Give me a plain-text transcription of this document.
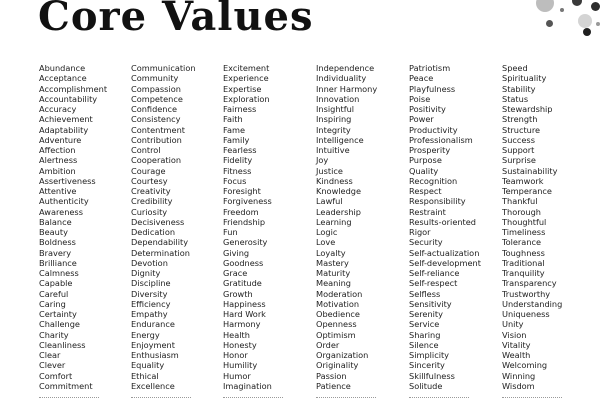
Core Values
Abundance
Acceptance
Accomplishment
Accountability
Accuracy
Achievement
Adaptability
Adventure
Affection
Alertness
Ambition
Assertiveness
Attentive
Authenticity
Awareness
Balance
Beauty
Boldness
Bravery
Brilliance
Calmness
Capable
Careful
Caring
Certainty
Challenge
Charity
Cleanliness
Clear
Clever
Comfort
Commitment
Communication
Community
Compassion
Competence
Confidence
Consistency
Contentment
Contribution
Control
Cooperation
Courage
Courtesy
Creativity
Credibility
Curiosity
Decisiveness
Dedication
Dependability
Determination
Devotion
Dignity
Discipline
Diversity
Efficiency
Empathy
Endurance
Energy
Enjoyment
Enthusiasm
Equality
Ethical
Excellence
Excitement
Experience
Expertise
Exploration
Fairness
Faith
Fame
Family
Fearless
Fidelity
Fitness
Focus
Foresight
Forgiveness
Freedom
Friendship
Fun
Generosity
Giving
Goodness
Grace
Gratitude
Growth
Happiness
Hard Work
Harmony
Health
Honesty
Honor
Humility
Humor
Imagination
Independence
Individuality
Inner Harmony
Innovation
Insightful
Inspiring
Integrity
Intelligence
Intuitive
Joy
Justice
Kindness
Knowledge
Lawful
Leadership
Learning
Logic
Love
Loyalty
Mastery
Maturity
Meaning
Moderation
Motivation
Obedience
Openness
Optimism
Order
Organization
Originality
Passion
Patience
Patriotism
Peace
Playfulness
Poise
Positivity
Power
Productivity
Professionalism
Prosperity
Purpose
Quality
Recognition
Respect
Responsibility
Restraint
Results-oriented
Rigor
Security
Self-actualization
Self-development
Self-reliance
Self-respect
Selfless
Sensitivity
Serenity
Service
Sharing
Silence
Simplicity
Sincerity
Skillfulness
Solitude
Speed
Spirituality
Stability
Status
Stewardship
Strength
Structure
Success
Support
Surprise
Sustainability
Teamwork
Temperance
Thankful
Thorough
Thoughtful
Timeliness
Tolerance
Toughness
Traditional
Tranquility
Transparency
Trustworthy
Understanding
Uniqueness
Unity
Vision
Vitality
Wealth
Welcoming
Winning
Wisdom
